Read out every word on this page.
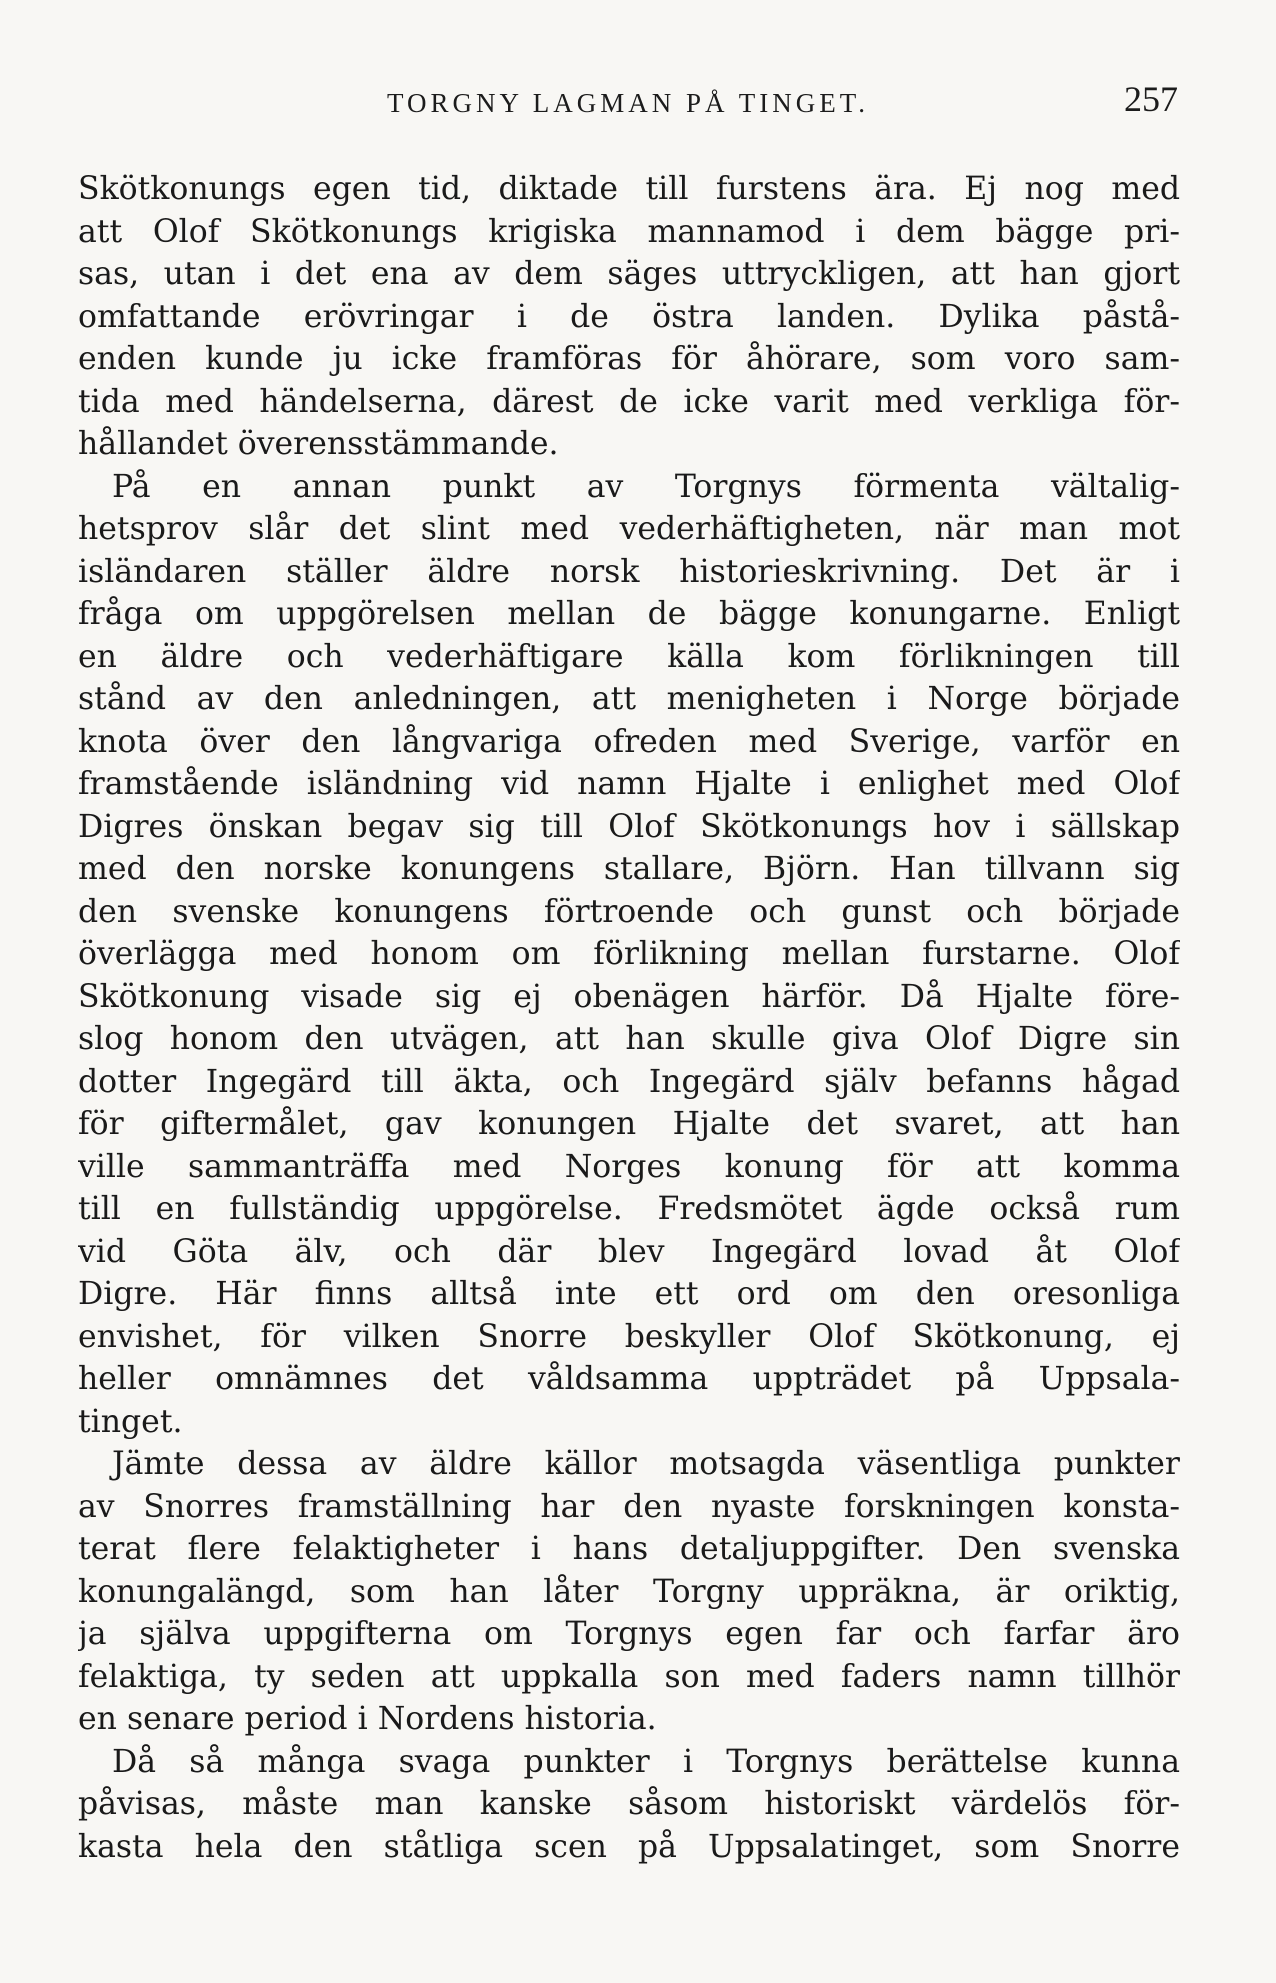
TORGNY LAGMAN PÅ TINGET.	257
Skötkonungs egen tid, diktade till furstens ära. Ej nog med
att Olof Skötkonungs krigiska mannamod i dem bägge pri-
sas, utan i det ena av dem säges uttryckligen, att han gjort
omfattande erövringar i de östra landen. Dylika påstå-
enden kunde ju icke framföras för åhörare, som voro sam-
tida med händelserna, därest de icke varit med verkliga för-
hållandet överensstämmande.
På en annan punkt av Torgnys förmenta vältalig-
hetsprov slår det slint med vederhäftigheten, när man mot
isländaren ställer äldre norsk historieskrivning. Det är i
fråga om uppgörelsen mellan de bägge konungarne. Enligt
en äldre och vederhäftigare källa kom förlikningen till
stånd av den anledningen, att menigheten i Norge började
knota över den långvariga ofreden med Sverige, varför en
framstående isländning vid namn Hjalte i enlighet med Olof
Digres önskan begav sig till Olof Skötkonungs hov i sällskap
med den norske konungens stallare, Björn. Han tillvann sig
den svenske konungens förtroende och gunst och började
överlägga med honom om förlikning mellan furstarne. Olof
Skötkonung visade sig ej obenägen härför. Då Hjalte före-
slog honom den utvägen, att han skulle giva Olof Digre sin
dotter Ingegärd till äkta, och Ingegärd själv befanns hågad
för giftermålet, gav konungen Hjalte det svaret, att han
ville sammanträffa med Norges konung för att komma
till en fullständig uppgörelse. Fredsmötet ägde också rum
vid Göta älv, och där blev Ingegärd lovad åt Olof
Digre. Här finns alltså inte ett ord om den oresonliga
envishet, för vilken Snorre beskyller Olof Skötkonung, ej
heller omnämnes det våldsamma uppträdet på Uppsala-
tinget.
Jämte dessa av äldre källor motsagda väsentliga punkter
av Snorres framställning har den nyaste forskningen konsta-
terat flere felaktigheter i hans detaljuppgifter. Den svenska
konungalängd, som han låter Torgny uppräkna, är oriktig,
ja själva uppgifterna om Torgnys egen far och farfar äro
felaktiga, ty seden att uppkalla son med faders namn tillhör
en senare period i Nordens historia.
Då så många svaga punkter i Torgnys berättelse kunna
påvisas, måste man kanske såsom historiskt värdelös för-
kasta hela den ståtliga scen på Uppsalatinget, som Snorre
